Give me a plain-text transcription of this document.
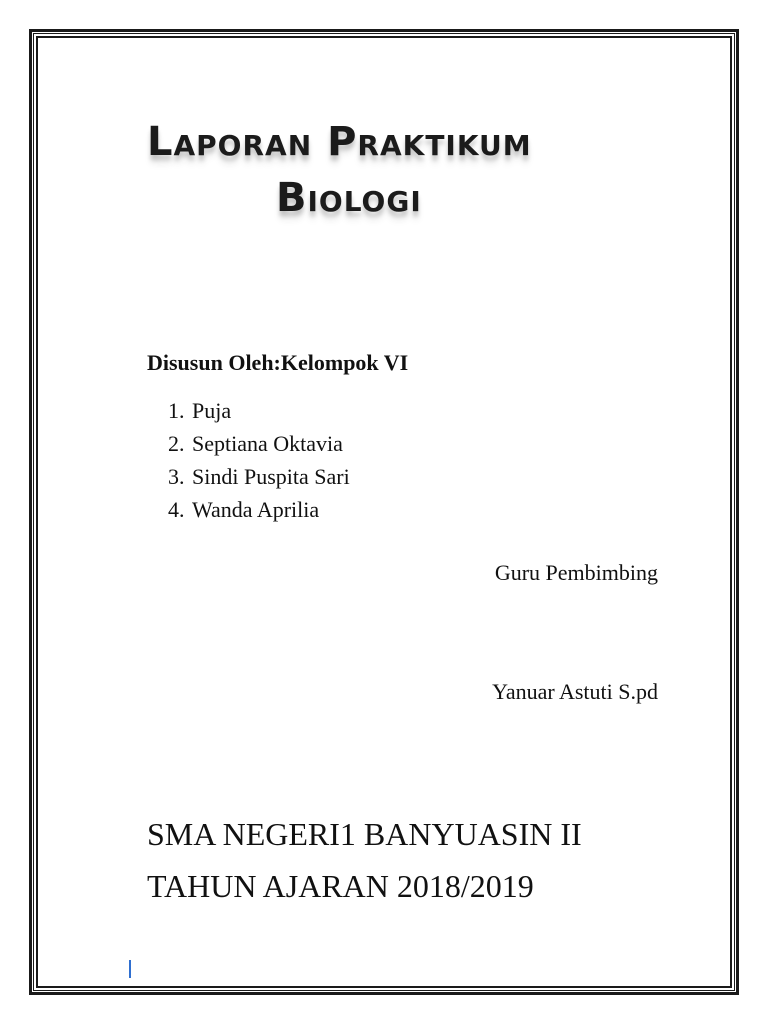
Laporan Praktikum
Biologi
Disusun Oleh:Kelompok VI
1. Puja
2. Septiana Oktavia
3. Sindi Puspita Sari
4. Wanda Aprilia
Guru Pembimbing
Yanuar Astuti S.pd
SMA NEGERI1 BANYUASIN II
TAHUN AJARAN 2018/2019
